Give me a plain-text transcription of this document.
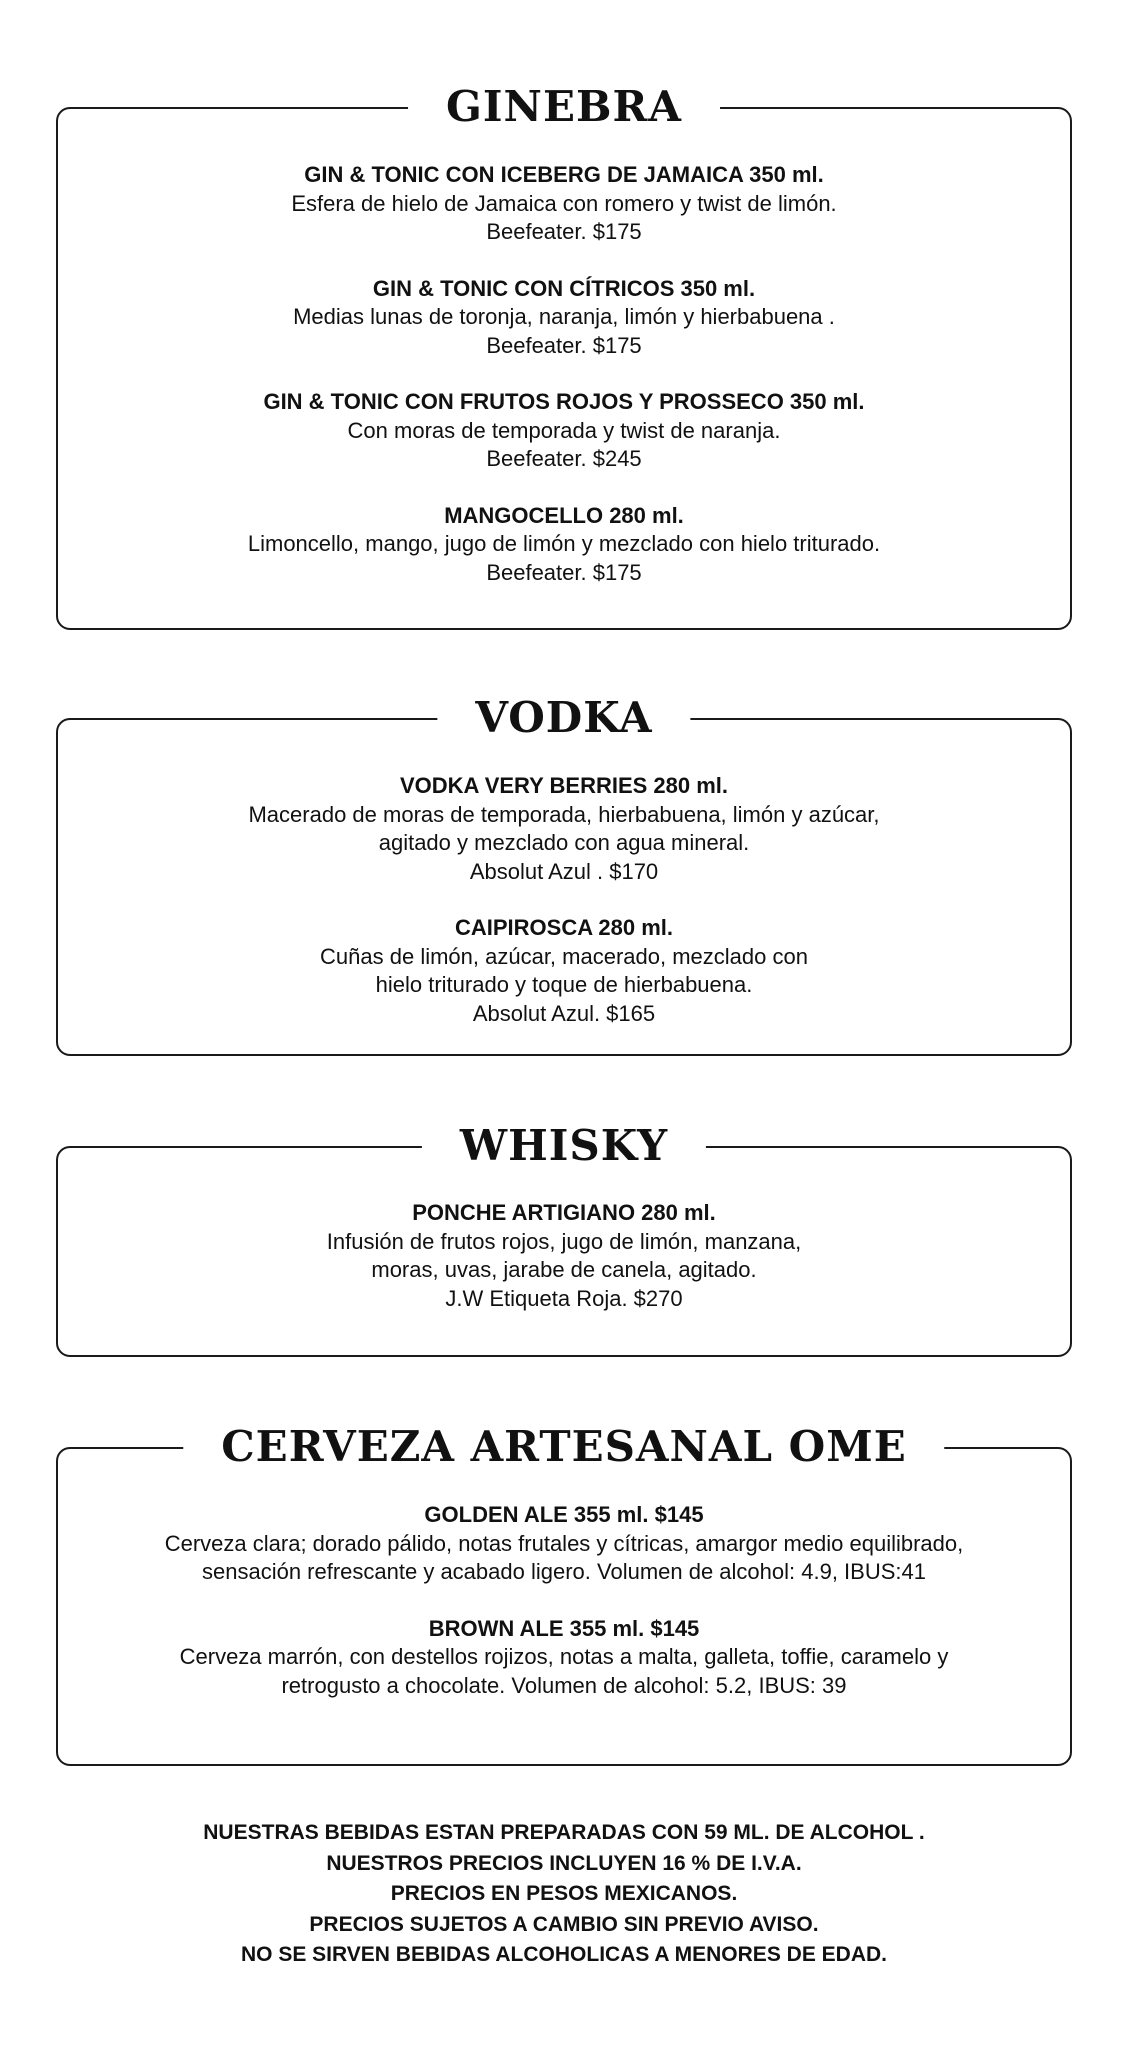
GINEBRA
GIN & TONIC CON ICEBERG DE JAMAICA 350 ml.
Esfera de hielo de Jamaica con romero y twist de limón.
Beefeater. $175
GIN & TONIC CON CÍTRICOS 350 ml.
Medias lunas de toronja, naranja, limón y hierbabuena .
Beefeater. $175
GIN & TONIC CON FRUTOS ROJOS Y PROSSECO 350 ml.
Con moras de temporada y twist de naranja.
Beefeater. $245
MANGOCELLO 280 ml.
Limoncello, mango, jugo de limón y mezclado con hielo triturado.
Beefeater. $175
VODKA
VODKA VERY BERRIES 280 ml.
Macerado de moras de temporada, hierbabuena, limón y azúcar,
agitado y mezclado con agua mineral.
Absolut Azul . $170
CAIPIROSCA 280 ml.
Cuñas de limón, azúcar, macerado, mezclado con
hielo triturado y toque de hierbabuena.
Absolut Azul. $165
WHISKY
PONCHE ARTIGIANO 280 ml.
Infusión de frutos rojos, jugo de limón, manzana,
moras, uvas, jarabe de canela, agitado.
J.W Etiqueta Roja. $270
CERVEZA ARTESANAL OME
GOLDEN ALE 355 ml. $145
Cerveza clara; dorado pálido, notas frutales y cítricas, amargor medio equilibrado,
sensación refrescante y acabado ligero. Volumen de alcohol: 4.9, IBUS:41
BROWN ALE 355 ml. $145
Cerveza marrón, con destellos rojizos, notas a malta, galleta, toffie, caramelo y
retrogusto a chocolate. Volumen de alcohol: 5.2, IBUS: 39
NUESTRAS BEBIDAS ESTAN PREPARADAS CON 59 ML. DE ALCOHOL .
NUESTROS PRECIOS INCLUYEN 16 % DE I.V.A.
PRECIOS EN PESOS MEXICANOS.
PRECIOS SUJETOS A CAMBIO SIN PREVIO AVISO.
NO SE SIRVEN BEBIDAS ALCOHOLICAS A MENORES DE EDAD.
